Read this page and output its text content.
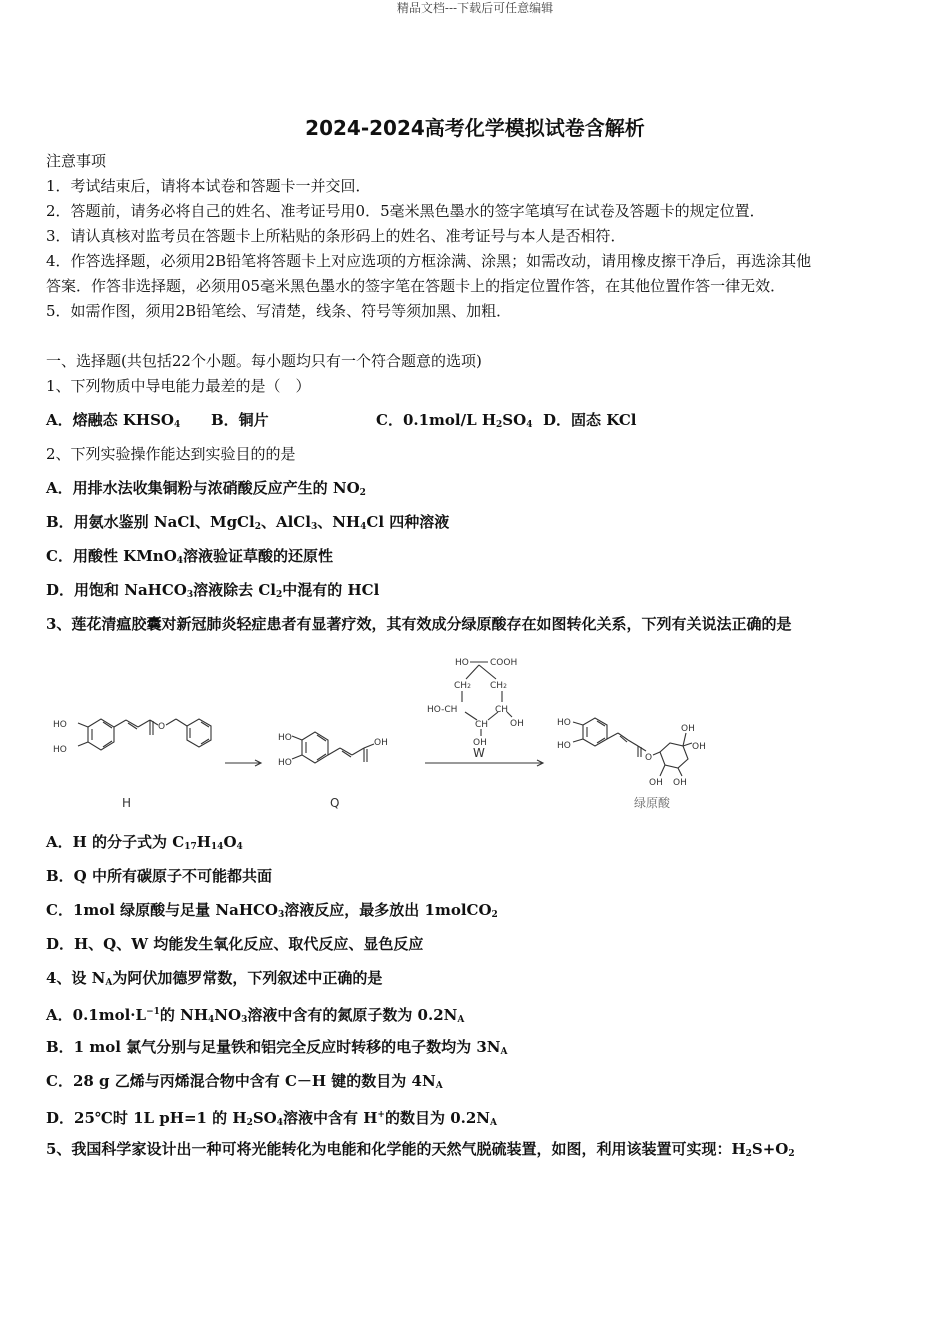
精品文档---下载后可任意编辑
2024-2024高考化学模拟试卷含解析
注意事项
1．考试结束后，请将本试卷和答题卡一并交回．
2．答题前，请务必将自己的姓名、准考证号用0．5毫米黑色墨水的签字笔填写在试卷及答题卡的规定位置．
3．请认真核对监考员在答题卡上所粘贴的条形码上的姓名、准考证号与本人是否相符．
4．作答选择题，必须用2B铅笔将答题卡上对应选项的方框涂满、涂黑；如需改动，请用橡皮擦干净后，再选涂其他
答案．作答非选择题，必须用05毫米黑色墨水的签字笔在答题卡上的指定位置作答，在其他位置作答一律无效．
5．如需作图，须用2B铅笔绘、写清楚，线条、符号等须加黑、加粗．
一、选择题(共包括22个小题。每小题均只有一个符合题意的选项)
1、下列物质中导电能力最差的是（　）
A．熔融态 $KHSO_4$ B．铜片	C．0.1mol/L $H_2SO_4$ D．固态 KCl
2、下列实验操作能达到实验目的的是
A．用排水法收集铜粉与浓硝酸反应产生的 $NO_2$
B．用氨水鉴别 NaCl、MgCl$_2$、AlCl$_3$、$NH_4Cl$ 四种溶液
C．用酸性 KMnO$_4$溶液验证草酸的还原性
D．用饱和 NaHCO$_3$溶液除去 $Cl_2$中混有的 HCl
3、莲花清瘟胶囊对新冠肺炎轻症患者有显著疗效，其有效成分绿原酸存在如图转化关系，下列有关说法正确的是
HO
HO
O
H
HO
HO
OH
Q
HO COOH
CH2 CH2
HO-CH	CH
CH OH
OH
W
HO
HO
O
OH
OH
OH OH
绿原酸
A．H 的分子式为 $C_{17}H_{14}O_4$
B．Q 中所有碳原子不可能都共面
C．1mol 绿原酸与足量 NaHCO$_3$溶液反应，最多放出 1molCO$_2$
D．H、Q、W 均能发生氧化反应、取代反应、显色反应
4、设 $N_A$为阿伏加德罗常数，下列叙述中正确的是
A．$0.1mol\cdot L^{-1}$的 $NH_4NO_3$溶液中含有的氮原子数为 $0.2N_A$
B．1 mol 氯气分别与足量铁和铝完全反应时转移的电子数均为 $3N_A$
C．28 g 乙烯与丙烯混合物中含有 C－H 键的数目为 $4N_A$
D．25℃时 1L pH=1 的 $H_2SO_4$溶液中含有 H+的数目为 $0.2N_A$
5、我国科学家设计出一种可将光能转化为电能和化学能的天然气脱硫装置，如图，利用该装置可实现：$H_2S+O_2$
